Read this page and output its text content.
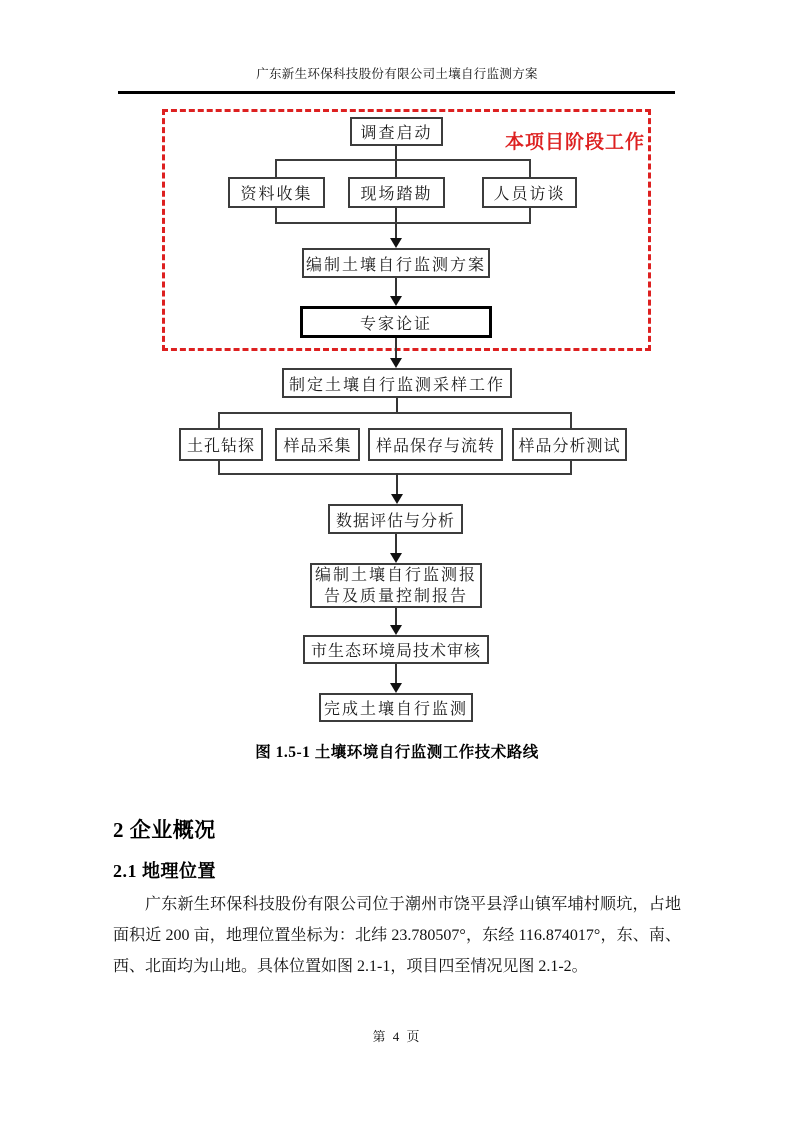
广东新生环保科技股份有限公司土壤自行监测方案
本项目阶段工作
调查启动
资料收集	现场踏勘	人员访谈
编制土壤自行监测方案
专家论证
制定土壤自行监测采样工作
土孔钻探	样品采集	样品保存与流转	样品分析测试
数据评估与分析
编制土壤自行监测报
告及质量控制报告
市生态环境局技术审核
完成土壤自行监测
图 1.5-1 土壤环境自行监测工作技术路线
2 企业概况
2.1 地理位置
广东新生环保科技股份有限公司位于潮州市饶平县浮山镇军埔村顺坑，占地面积近 200 亩，地理位置坐标为：北纬 23.780507°，东经 116.874017°，东、南、西、北面均为山地。具体位置如图 2.1-1，项目四至情况见图 2.1-2。
第 4 页
